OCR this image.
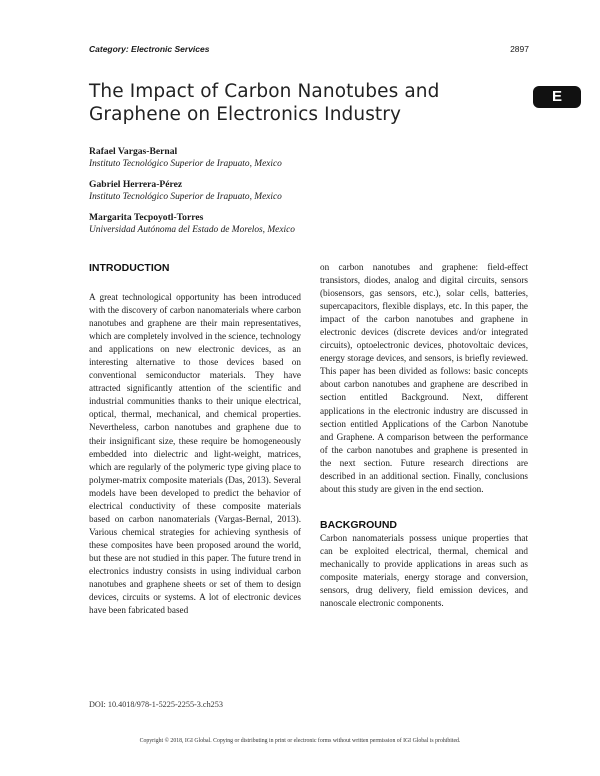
Category: Electronic Services	2897
E
The Impact of Carbon Nanotubes and Graphene on Electronics Industry
Rafael Vargas-Bernal
Instituto Tecnológico Superior de Irapuato, Mexico
Gabriel Herrera-Pérez
Instituto Tecnológico Superior de Irapuato, Mexico
Margarita Tecpoyotl-Torres
Universidad Autónoma del Estado de Morelos, Mexico
INTRODUCTION

A great technological opportunity has been introduced with the discovery of carbon nanomaterials where carbon nanotubes and graphene are their main representatives, which are completely involved in the science, technology and applications on new electronic devices, as an interesting alternative to those devices based on conventional semiconductor materials. They have attracted significantly attention of the scientific and industrial communities thanks to their unique electrical, optical, thermal, mechanical, and chemical properties. Nevertheless, carbon nanotubes and graphene due to their insignificant size, these require be homogeneously embedded into dielectric and light-weight, matrices, which are regularly of the polymeric type giving place to polymer-matrix composite materials (Das, 2013). Several models have been developed to predict the behavior of electrical conductivity of these composite materials based on carbon nanomaterials (Vargas-Bernal, 2013). Various chemical strategies for achieving synthesis of these composites have been proposed around the world, but these are not studied in this paper. The future trend in electronics industry consists in using individual carbon nanotubes and graphene sheets or set of them to design devices, circuits or systems. A lot of electronic devices have been fabricated based

on carbon nanotubes and graphene: field-effect transistors, diodes, analog and digital circuits, sensors (biosensors, gas sensors, etc.), solar cells, batteries, supercapacitors, flexible displays, etc. In this paper, the impact of the carbon nanotubes and graphene in electronic devices (discrete devices and/or integrated circuits), optoelectronic devices, photovoltaic devices, energy storage devices, and sensors, is briefly reviewed. This paper has been divided as follows: basic concepts about carbon nanotubes and graphene are described in section entitled Background. Next, different applications in the electronic industry are discussed in section entitled Applications of the Carbon Nanotube and Graphene. A comparison between the performance of the carbon nanotubes and graphene is presented in the next section. Future research directions are described in an additional section. Finally, conclusions about this study are given in the end section.

BACKGROUND

Carbon nanomaterials possess unique properties that can be exploited electrical, thermal, chemical and mechanically to provide applications in areas such as composite materials, energy storage and conversion, sensors, drug delivery, field emission devices, and nanoscale electronic components.

DOI: 10.4018/978-1-5225-2255-3.ch253
Copyright © 2018, IGI Global. Copying or distributing in print or electronic forms without written permission of IGI Global is prohibited.
